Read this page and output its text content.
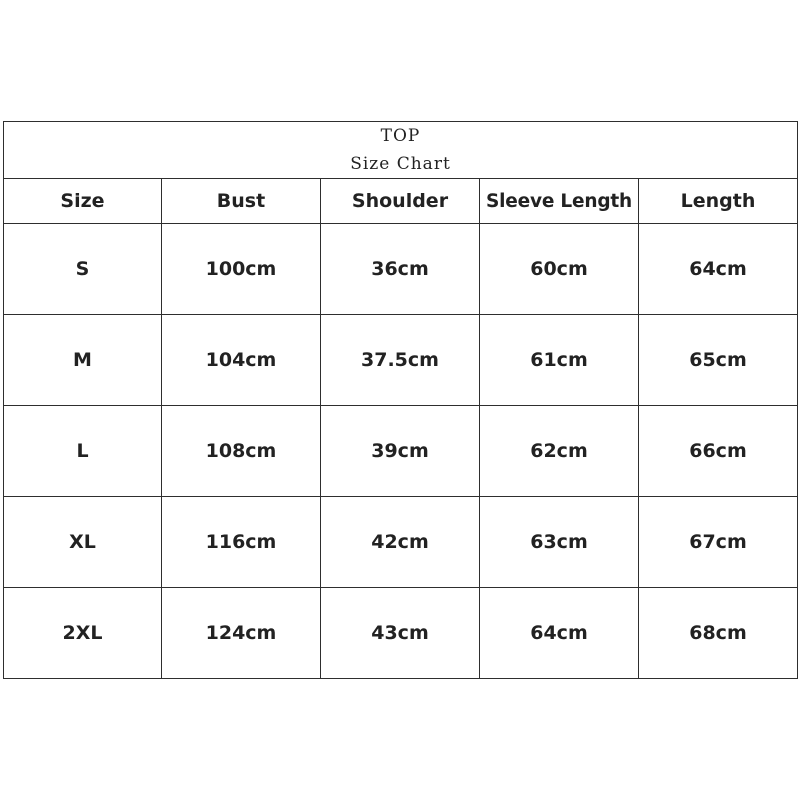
TOP
Size Chart				

Size	Bust	Shoulder	Sleeve Length	Length
S	100cm	36cm	60cm	64cm
M	104cm	37.5cm	61cm	65cm
L	108cm	39cm	62cm	66cm
XL	116cm	42cm	63cm	67cm
2XL	124cm	43cm	64cm	68cm
